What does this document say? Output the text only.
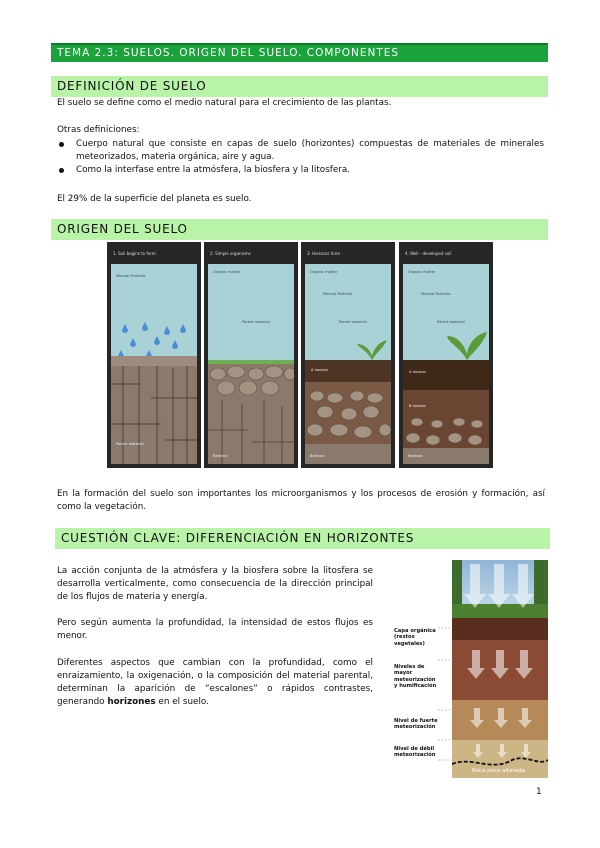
TEMA 2.3: SUELOS. ORIGEN DEL SUELO. COMPONENTES
DEFINICIÓN DE SUELO

El suelo se define como el medio natural para el crecimiento de las plantas.

Otras definiciones:

Cuerpo natural que consiste en capas de suelo (horizontes) compuestas de materiales de minerales meteorizados, materia orgánica, aire y agua.
Como la interfase entre la atmósfera, la biosfera y la litosfera.

El 29% de la superficie del planeta es suelo.

ORIGEN DEL SUELO
1. Soil begins to form
Mineral Particles
Parent material
2. Simple organisms
Organic matter
Parent material
Bedrock
3. Horizons form
Organic matter
Mineral Particles
Parent material
A horizon
Bedrock
4. Well - developed soil
Organic matter
Mineral Particles
Parent material
A horizon
B horizon
Bedrock

En la formación del suelo son importantes los microorganismos y los procesos de erosión y formación, así como la vegetación.

CUESTIÓN CLAVE: DIFERENCIACIÓN EN HORIZONTES

La acción conjunta de la atmósfera y la biosfera sobre la litosfera se desarrolla verticalmente, como consecuencia de la dirección principal de los flujos de materia y energía.

Pero según aumenta la profundidad, la intensidad de estos flujos es menor.

Diferentes aspectos que cambian con la profundidad, como el enraizamiento, la oxigenación, o la composición del material parental, determinan la aparición de “escalones” o rápidos contrastes, generando horizones en el suelo.

Roca poco alterada
Capa orgánica (restos vegetales)
Niveles de mayor meteorización y humificación
Nivel de fuerte meteorización
Nivel de débil meteorización
1
